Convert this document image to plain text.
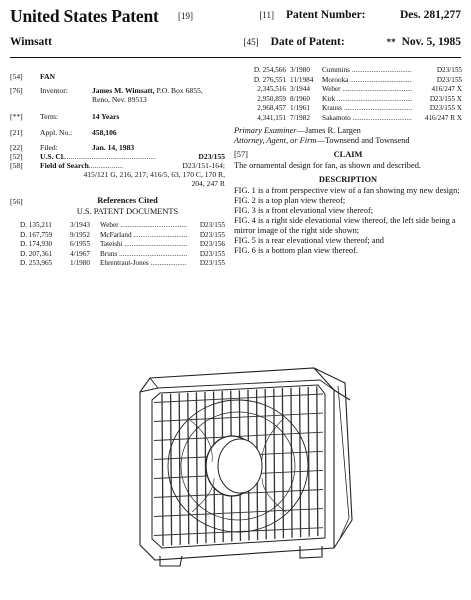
United States Patent [19]
Wimsatt
[11] Patent Number:	Des. 281,277
[45] Date of Patent:	** Nov. 5, 1985
[54]	FAN
[76]	Inventor:	James M. Wimsatt, P.O. Box 6855,
Reno, Nev. 89513
[**]	Term:	14 Years
[21]	Appl. No.:	458,106
[22]	Filed:	Jan. 14, 1983
[52]	U.S. Cl. ................................................	D23/155
[58]	Field of Search ..................	D23/151-164;
415/121 G, 216, 217; 416/5, 63, 170 C, 170 R,
204, 247 R
[56]	References Cited
U.S. PATENT DOCUMENTS
D. 135,211	3/1943	Weber .....	D23/155
D. 167,759	9/1952	McFarland .....	D23/155
D. 174,930	6/1955	Tateishi .....	D23/156
D. 207,361	4/1967	Bruns .....	D23/155
D. 253,965	1/1980	Ehrentraut-Jones .....	D23/155
D. 254,566 3/1980	Cummins .....	D23/155
D. 276,551 11/1984	Morooka .....	D23/155
2,345,516 3/1944	Weber .....	416/247 X
2,950,859 8/1960	Kirk .....	D23/155 X
2,968,457 1/1961	Krauss .....	D23/155 X
4,341,151 7/1982	Sakamoto .....	416/247 R X
Primary Examiner—James R. Largen
Attorney, Agent, or Firm—Townsend and Townsend
[57]	CLAIM
The ornamental design for fan, as shown and described.
DESCRIPTION
FIG. 1 is a front perspective view of a fan showing my new design;
FIG. 2 is a top plan view thereof;
FIG. 3 is a front elevational view thereof;
FIG. 4 is a right side elevational view thereof, the left side being a mirror image of the right side shown;
FIG. 5 is a rear elevational view thereof; and
FIG. 6 is a bottom plan view thereof.
